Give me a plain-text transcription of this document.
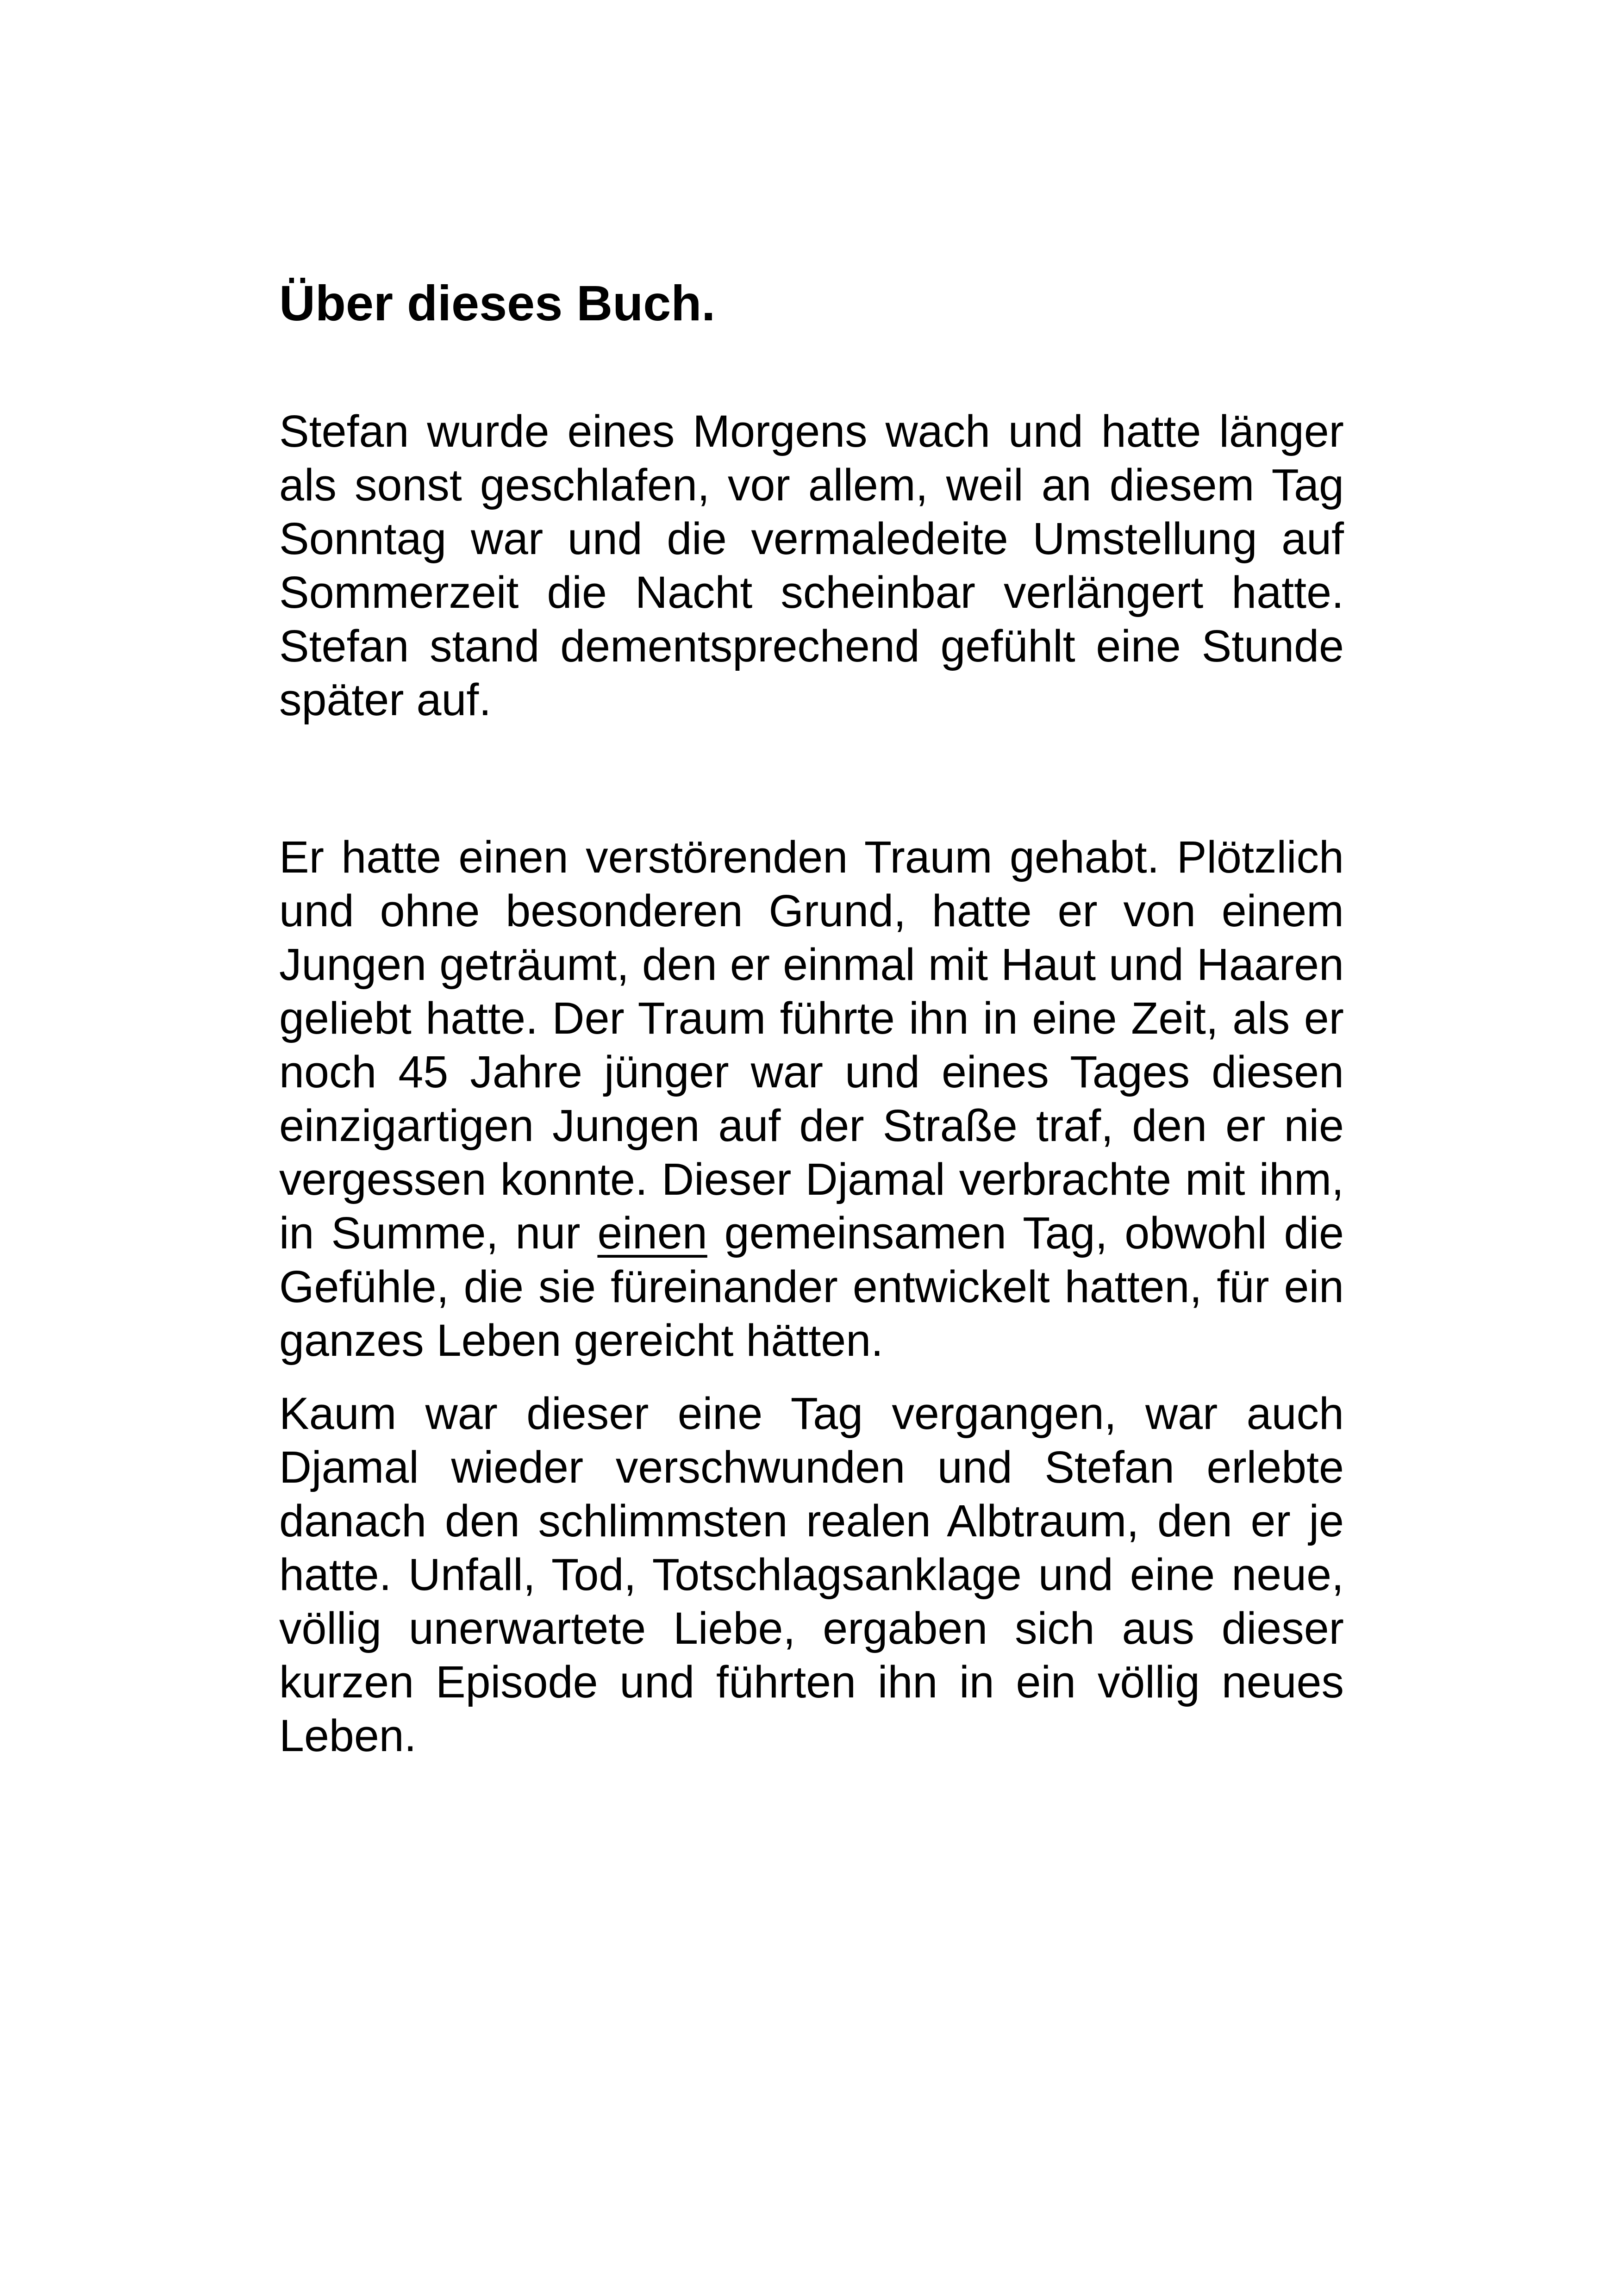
Über dieses Buch.

Stefan wurde eines Morgens wach und hatte länger als sonst geschlafen, vor allem, weil an diesem Tag Sonntag war und die vermaledeite Umstellung auf Sommerzeit die Nacht scheinbar verlängert hatte. Stefan stand dementsprechend gefühlt eine Stunde später auf.

Er hatte einen verstörenden Traum gehabt. Plötzlich und ohne besonderen Grund, hatte er von einem Jungen geträumt, den er einmal mit Haut und Haaren geliebt hatte. Der Traum führte ihn in eine Zeit, als er noch 45 Jahre jünger war und eines Tages diesen einzigartigen Jungen auf der Straße traf, den er nie vergessen konnte. Dieser Djamal verbrachte mit ihm, in Summe, nur einen gemeinsamen Tag, obwohl die Gefühle, die sie füreinander entwickelt hatten, für ein ganzes Leben gereicht hätten.

Kaum war dieser eine Tag vergangen, war auch Djamal wieder verschwunden und Stefan erlebte danach den schlimmsten realen Albtraum, den er je hatte. Unfall, Tod, Totschlagsanklage und eine neue, völlig unerwartete Liebe, ergaben sich aus dieser kurzen Episode und führten ihn in ein völlig neues Leben.
